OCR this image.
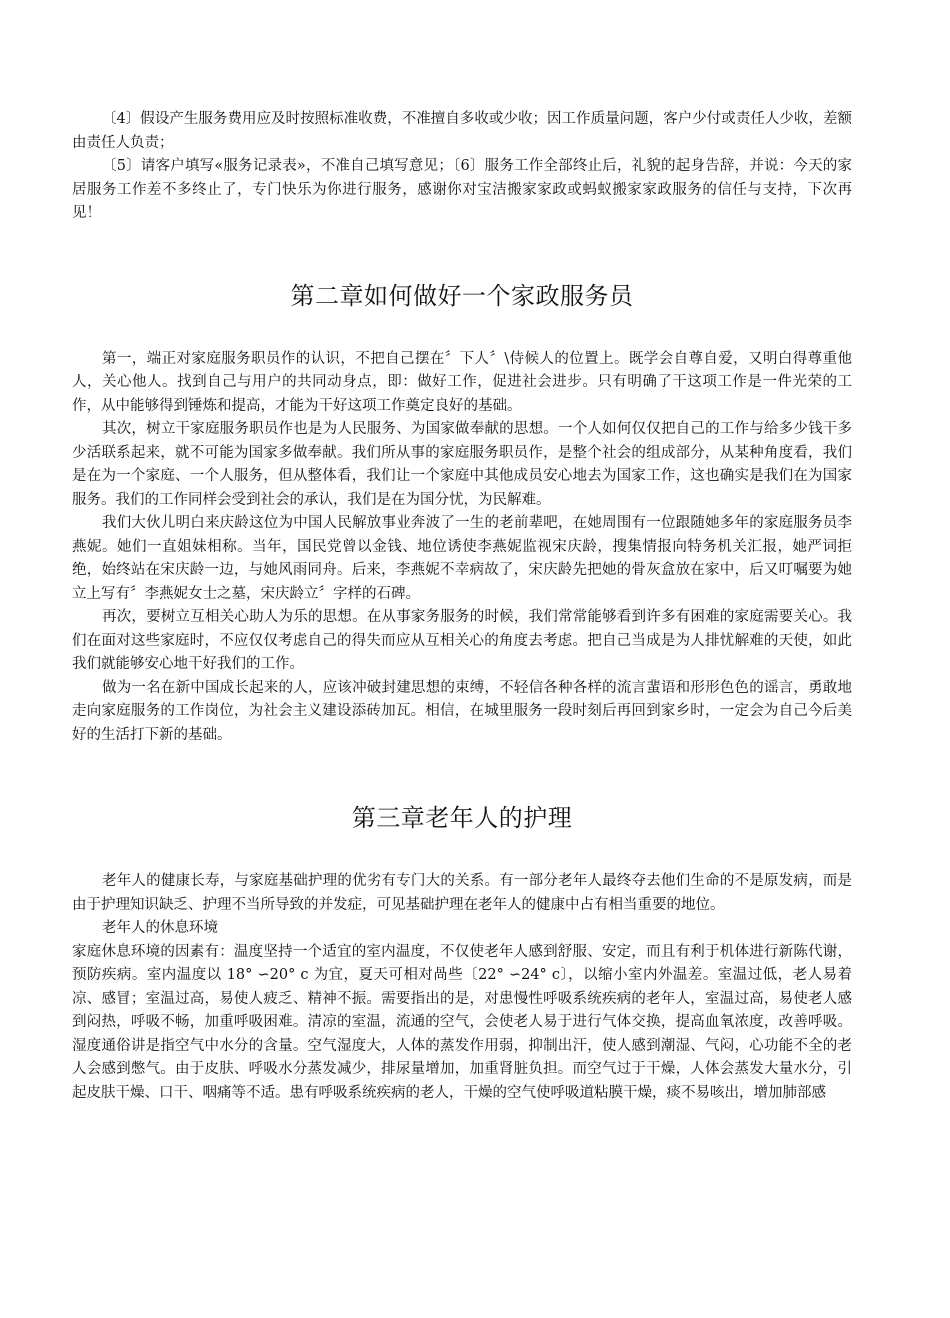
〔4〕假设产生服务费用应及时按照标准收费，不准擅自多收或少收；因工作质量问题，客户少付或责任人少收，差额由责任人负责；

〔5〕请客户填写«服务记录表»，不准自己填写意见；〔6〕服务工作全部终止后，礼貌的起身告辞，并说：今天的家居服务工作差不多终止了，专门快乐为你进行服务，感谢你对宝洁搬家家政或蚂蚁搬家家政服务的信任与支持，下次再见！

第二章如何做好一个家政服务员

第一，端正对家庭服务职员作的认识，不把自己摆在〞下人〞\侍候人的位置上。既学会自尊自爱，又明白得尊重他人，关心他人。找到自己与用户的共同动身点，即：做好工作，促进社会进步。只有明确了干这项工作是一件光荣的工作，从中能够得到锤炼和提高，才能为干好这项工作奠定良好的基础。

其次，树立干家庭服务职员作也是为人民服务、为国家做奉献的思想。一个人如何仅仅把自己的工作与给多少钱干多少活联系起来，就不可能为国家多做奉献。我们所从事的家庭服务职员作，是整个社会的组成部分，从某种角度看，我们是在为一个家庭、一个人服务，但从整体看，我们让一个家庭中其他成员安心地去为国家工作，这也确实是我们在为国家服务。我们的工作同样会受到社会的承认，我们是在为国分忧，为民解难。

我们大伙儿明白来庆龄这位为中国人民解放事业奔波了一生的老前辈吧，在她周围有一位跟随她多年的家庭服务员李燕妮。她们一直姐妹相称。当年，国民党曾以金钱、地位诱使李燕妮监视宋庆龄，搜集情报向特务机关汇报，她严词拒绝，始终站在宋庆龄一边，与她风雨同舟。后来，李燕妮不幸病故了，宋庆龄先把她的骨灰盒放在家中，后又叮嘱要为她立上写有〞李燕妮女士之墓，宋庆龄立〞字样的石碑。

再次，要树立互相关心助人为乐的思想。在从事家务服务的时候，我们常常能够看到许多有困难的家庭需要关心。我们在面对这些家庭时，不应仅仅考虑自己的得失而应从互相关心的角度去考虑。把自己当成是为人排忧解难的天使，如此我们就能够安心地干好我们的工作。

做为一名在新中国成长起来的人，应该冲破封建思想的束缚，不轻信各种各样的流言蜚语和形形色色的谣言，勇敢地走向家庭服务的工作岗位，为社会主义建设添砖加瓦。相信，在城里服务一段时刻后再回到家乡时，一定会为自己今后美好的生活打下新的基础。

第三章老年人的护理

老年人的健康长寿，与家庭基础护理的优劣有专门大的关系。有一部分老年人最终夺去他们生命的不是原发病，而是由于护理知识缺乏、护理不当所导致的并发症，可见基础护理在老年人的健康中占有相当重要的地位。

老年人的休息环境

家庭休息环境的因素有：温度坚持一个适宜的室内温度，不仅使老年人感到舒服、安定，而且有利于机体进行新陈代谢，预防疾病。室内温度以 18° ∽20° c 为宜，夏天可相对咼些〔22° ∽24° c〕，以缩小室内外温差。室温过低，老人易着凉、感冒；室温过高，易使人疲乏、精神不振。需要指出的是，对患慢性呼吸系统疾病的老年人，室温过高，易使老人感到闷热，呼吸不畅，加重呼吸困难。清凉的室温，流通的空气，会使老人易于进行气体交换，提高血氧浓度，改善呼吸。湿度通俗讲是指空气中水分的含量。空气湿度大，人体的蒸发作用弱，抑制出汗，使人感到潮湿、气闷，心功能不全的老人会感到憋气。由于皮肤、呼吸水分蒸发减少，排尿量增加，加重肾脏负担。而空气过于干燥，人体会蒸发大量水分，引起皮肤干燥、口干、咽痛等不适。患有呼吸系统疾病的老人，干燥的空气使呼吸道粘膜干燥，痰不易咳出，增加肺部感
